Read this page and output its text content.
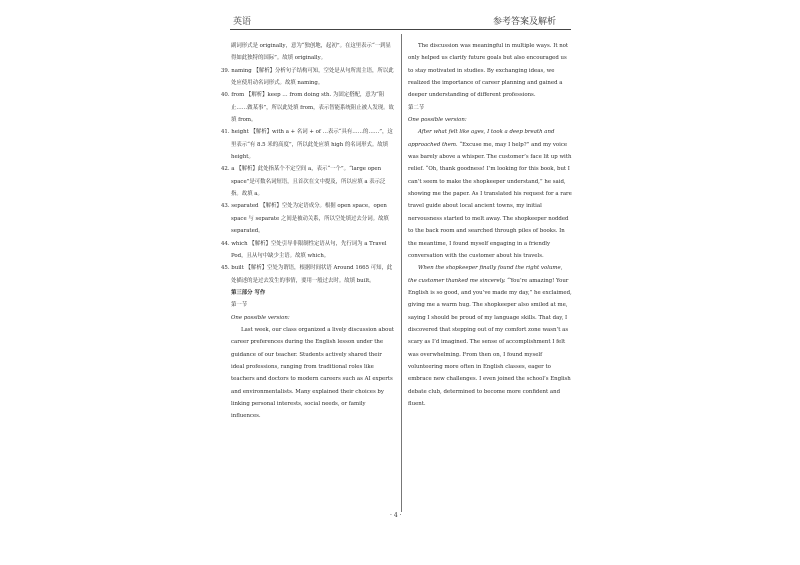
英语	参考答案及解析

副词形式是 originally，意为“独创地，起初”。在这里表示“一到显得如此独特的国际”。故填 originally。

39. naming 【解析】分析句子结构可知，空处是从句所需主语，所以此处应使用动名词形式。故填 naming。

40. from 【解析】keep … from doing sth. 为固定搭配，意为“阻止……做某事”，所以此处填 from，表示智能系统阻止被人发现。故填 from。

41. height 【解析】with a + 名词 + of …表示“具有……的……”，这里表示“有 8.5 米的高度”，所以此处应填 high 的名词形式。故填 height。

42. a 【解析】此处指某个不定空间 a，表示“一个”。“large open space”是可数名词短语，且首次在文中提及，所以应填 a 表示泛指。故填 a。

43. separated 【解析】空处为定语成分。根据 open space，open space 与 separate 之间是被动关系，所以空处填过去分词。故填 separated。

44. which 【解析】空处引导非限制性定语从句，先行词为 a Travel Pod，且从句中缺少主语。故填 which。

45. built 【解析】空处为谓语，根据时间状语 Around 1665 可知，此处描述的是过去发生的事情，要用一般过去时。故填 built。

第三部分 写作

第一节

One possible version:

Last week, our class organized a lively discussion about career preferences during the English lesson under the guidance of our teacher. Students actively shared their ideal professions, ranging from traditional roles like teachers and doctors to modern careers such as AI experts and environmentalists. Many explained their choices by linking personal interests, social needs, or family influences.

The discussion was meaningful in multiple ways. It not only helped us clarify future goals but also encouraged us to stay motivated in studies. By exchanging ideas, we realized the importance of career planning and gained a deeper understanding of different professions.

第二节

One possible version:

After what felt like ages, I took a deep breath and approached them. “Excuse me, may I help?” and my voice was barely above a whisper. The customer’s face lit up with relief. “Oh, thank goodness! I’m looking for this book, but I can’t seem to make the shopkeeper understand,” he said, showing me the paper. As I translated his request for a rare travel guide about local ancient towns, my initial nervousness started to melt away. The shopkeeper nodded to the back room and searched through piles of books. In the meantime, I found myself engaging in a friendly conversation with the customer about his travels.

When the shopkeeper finally found the right volume, the customer thanked me sincerely. “You’re amazing! Your English is so good, and you’ve made my day,” he exclaimed, giving me a warm hug. The shopkeeper also smiled at me, saying I should be proud of my language skills. That day, I discovered that stepping out of my comfort zone wasn’t as scary as I’d imagined. The sense of accomplishment I felt was overwhelming. From then on, I found myself volunteering more often in English classes, eager to embrace new challenges. I even joined the school’s English debate club, determined to become more confident and fluent.

· 4 ·
